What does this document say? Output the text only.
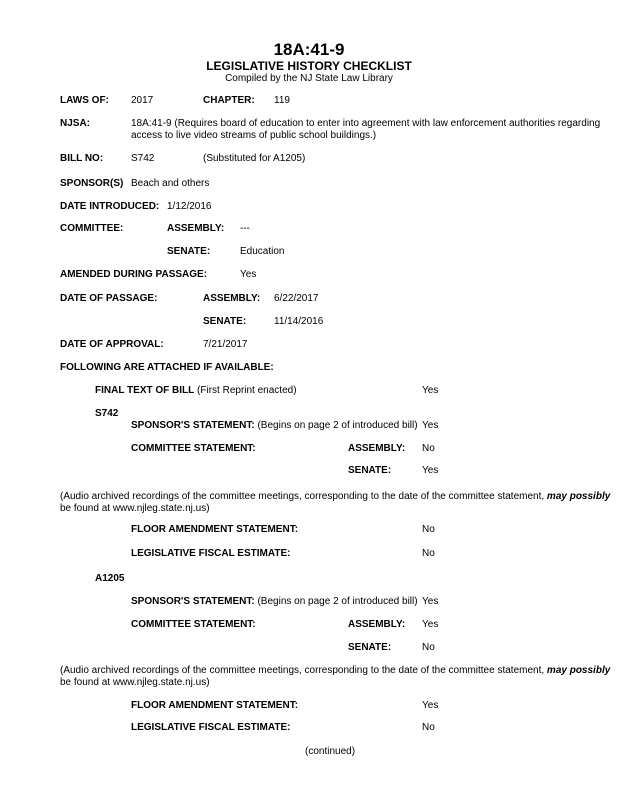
18A:41-9
LEGISLATIVE HISTORY CHECKLIST
Compiled by the NJ State Law Library
LAWS OF: 2017	CHAPTER: 119
NJSA:	18A:41-9 (Requires board of education to enter into agreement with law enforcement authorities regarding
access to live video streams of public school buildings.)
BILL NO:	S742	(Substituted for A1205)
SPONSOR(S) Beach and others
DATE INTRODUCED: 1/12/2016
COMMITTEE:	ASSEMBLY: ---
SENATE:	Education
AMENDED DURING PASSAGE:	Yes
DATE OF PASSAGE:	ASSEMBLY: 6/22/2017
SENATE:	11/14/2016
DATE OF APPROVAL:	7/21/2017
FOLLOWING ARE ATTACHED IF AVAILABLE:
FINAL TEXT OF BILL (First Reprint enacted)	Yes
S742
SPONSOR'S STATEMENT: (Begins on page 2 of introduced bill) Yes
COMMITTEE STATEMENT:	ASSEMBLY: No
SENATE:	Yes
(Audio archived recordings of the committee meetings, corresponding to the date of the committee statement, may possibly
be found at www.njleg.state.nj.us)
FLOOR AMENDMENT STATEMENT:	No
LEGISLATIVE FISCAL ESTIMATE:	No
A1205
SPONSOR'S STATEMENT: (Begins on page 2 of introduced bill) Yes
COMMITTEE STATEMENT:	ASSEMBLY: Yes
SENATE:	No
(Audio archived recordings of the committee meetings, corresponding to the date of the committee statement, may possibly
be found at www.njleg.state.nj.us)
FLOOR AMENDMENT STATEMENT:	Yes
LEGISLATIVE FISCAL ESTIMATE:	No
(continued)
